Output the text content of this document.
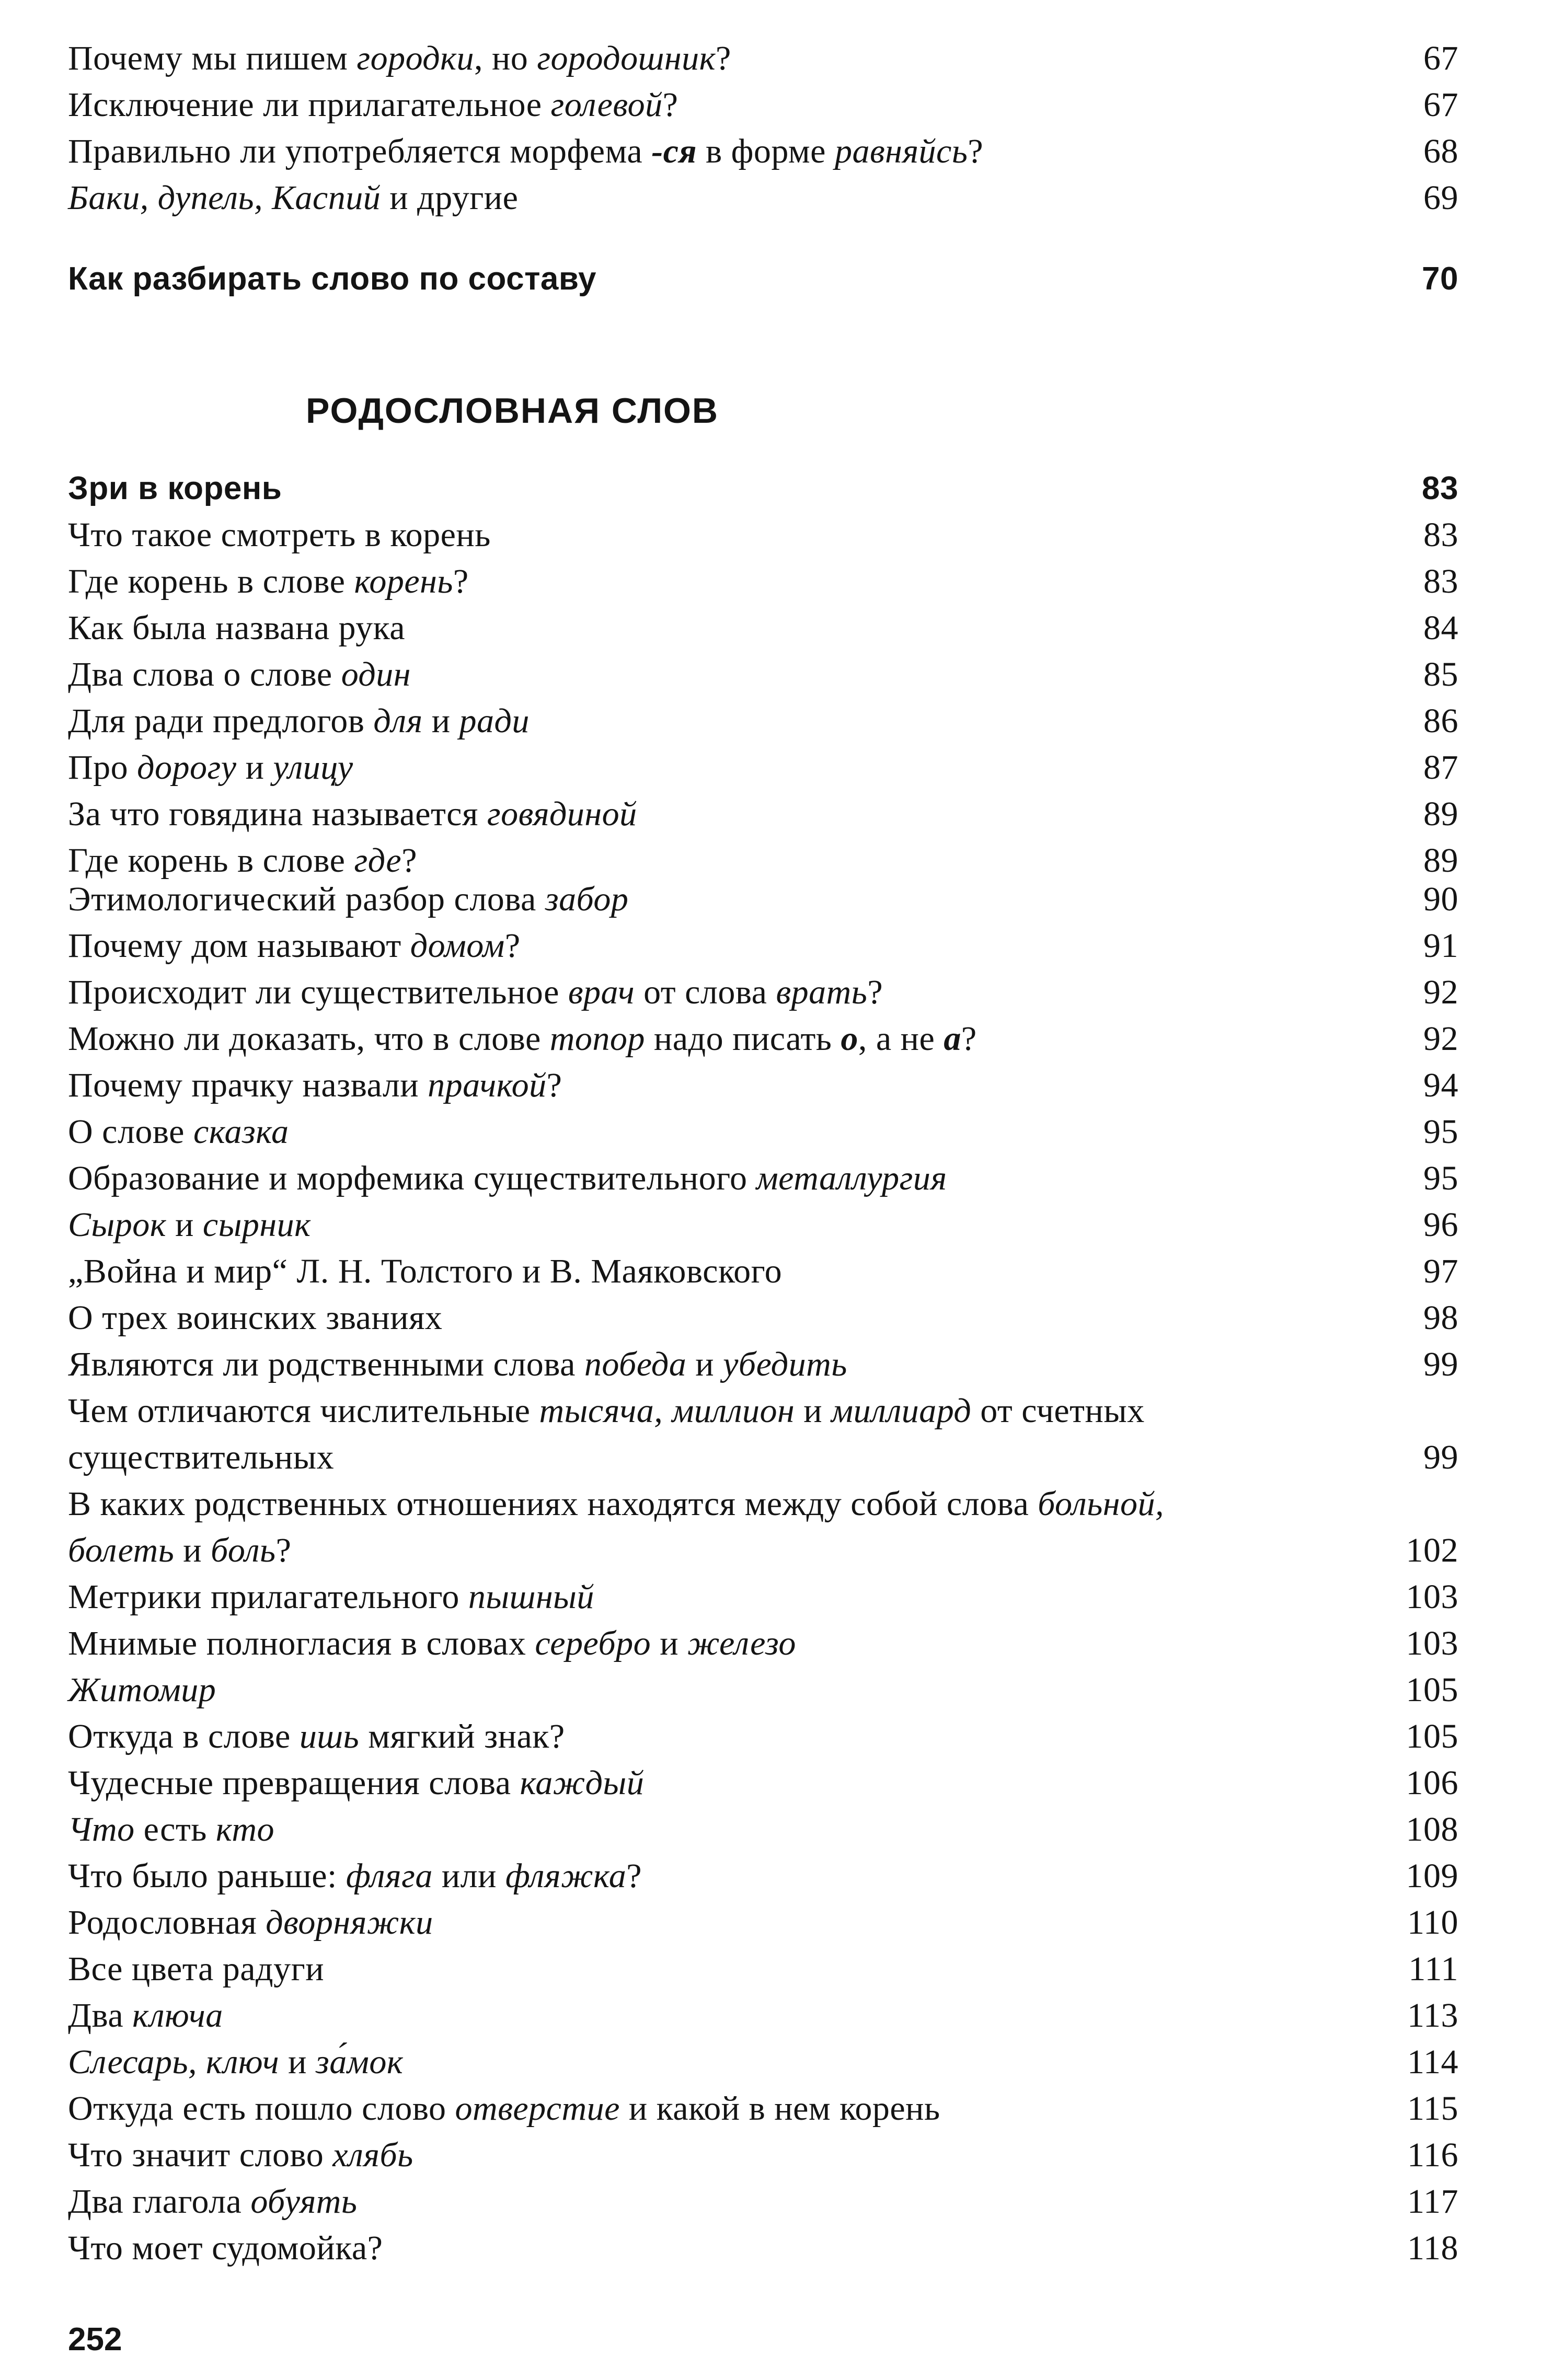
Почему мы пишем городки, но городошник?	67
Исключение ли прилагательное голевой?	67
Правильно ли употребляется морфема -ся в форме равняйсь?	68
Баки, дупель, Каспий и другие	69
Как разбирать слово по составу	70
РОДОСЛОВНАЯ СЛОВ
Зри в корень	83
Что такое смотреть в корень	83
Где корень в слове корень?	83
Как была названа рука	84
Два слова о слове один	85
Для ради предлогов для и ради	86
Про дорогу и улицу	87
За что говядина называется говядиной	89
Где корень в слове где?	89
Этимологический разбор слова забор	90
Почему дом называют домом?	91
Происходит ли существительное врач от слова врать?	92
Можно ли доказать, что в слове топор надо писать о, а не а?	92
Почему прачку назвали прачкой?	94
О слове сказка	95
Образование и морфемика существительного металлургия	95
Сырок и сырник	96
„Война и мир“ Л. Н. Толстого и В. Маяковского	97
О трех воинских званиях	98
Являются ли родственными слова победа и убедить	99
Чем отличаются числительные тысяча, миллион и миллиард от счетных
существительных	99
В каких родственных отношениях находятся между собой слова больной,
болеть и боль?	102
Метрики прилагательного пышный	103
Мнимые полногласия в словах серебро и железо	103
Житомир	105
Откуда в слове ишь мягкий знак?	105
Чудесные превращения слова каждый	106
Что есть кто	108
Что было раньше: фляга или фляжка?	109
Родословная дворняжки	110
Все цвета радуги	111
Два ключа	113
Слесарь, ключ и за́мок	114
Откуда есть пошло слово отверстие и какой в нем корень	115
Что значит слово хлябь	116
Два глагола обуять	117
Что моет судомойка?	118
252
